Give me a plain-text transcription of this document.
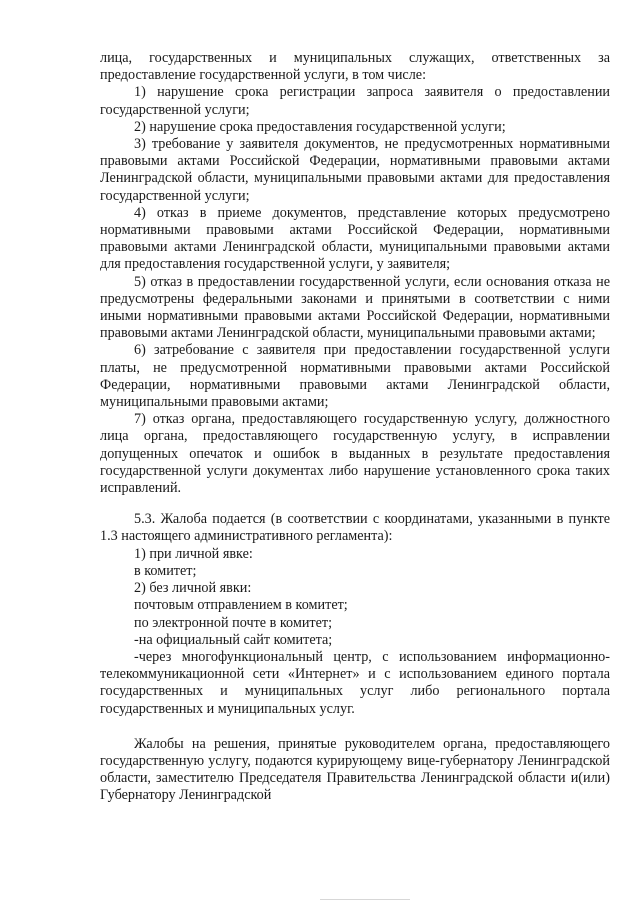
лица, государственных и муниципальных служащих, ответственных за предоставление государственной услуги, в том числе:

1) нарушение срока регистрации запроса заявителя о предоставлении государственной услуги;

2) нарушение срока предоставления государственной услуги;

3) требование у заявителя документов, не предусмотренных нормативными правовыми актами Российской Федерации, нормативными правовыми актами Ленинградской области, муниципальными правовыми актами для предоставления государственной услуги;

4) отказ в приеме документов, представление которых предусмотрено нормативными правовыми актами Российской Федерации, нормативными правовыми актами Ленинградской области, муниципальными правовыми актами для предоставления государственной услуги, у заявителя;

5) отказ в предоставлении государственной услуги, если основания отказа не предусмотрены федеральными законами и принятыми в соответствии с ними иными нормативными правовыми актами Российской Федерации, нормативными правовыми актами Ленинградской области, муниципальными правовыми актами;

6) затребование с заявителя при предоставлении государственной услуги платы, не предусмотренной нормативными правовыми актами Российской Федерации, нормативными правовыми актами Ленинградской области, муниципальными правовыми актами;

7) отказ органа, предоставляющего государственную услугу, должностного лица органа, предоставляющего государственную услугу, в исправлении допущенных опечаток и ошибок в выданных в результате предоставления государственной услуги документах либо нарушение установленного срока таких исправлений.

5.3. Жалоба подается (в соответствии с координатами, указанными в пункте 1.3 настоящего административного регламента):

1) при личной явке:

в комитет;

2) без личной явки:

почтовым отправлением в комитет;

по электронной почте в комитет;

-на официальный сайт комитета;

-через многофункциональный центр, с использованием информационно- телекоммуникационной сети «Интернет» и с использованием единого портала государственных и муниципальных услуг либо регионального портала государственных и муниципальных услуг.

Жалобы на решения, принятые руководителем органа, предоставляющего государственную услугу, подаются курирующему вице-губернатору Ленинградской области, заместителю Председателя Правительства Ленинградской области и(или) Губернатору Ленинградской
